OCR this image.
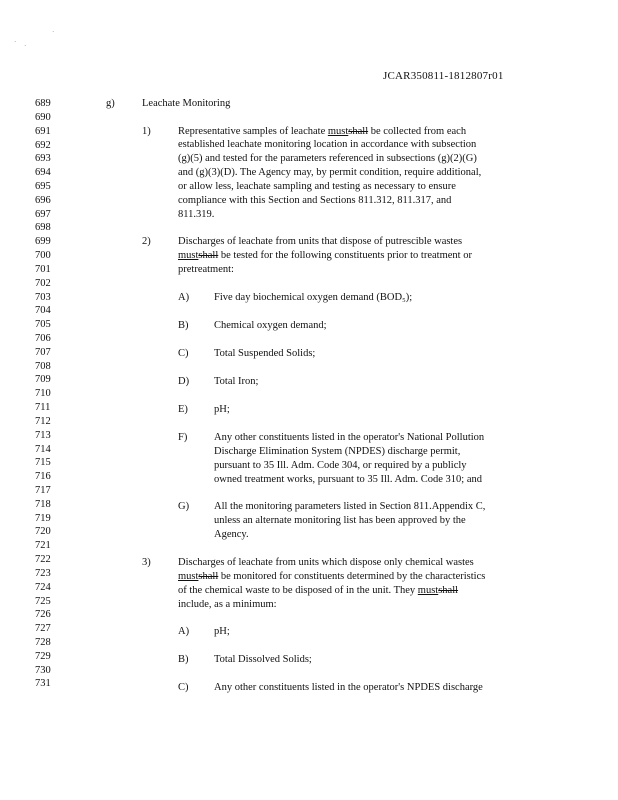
· ·
·
JCAR350811-1812807r01
689
690
691
692
693
694
695
696
697
698
699
700
701
702
703
704
705
706
707
708
709
710
711
712
713
714
715
716
717
718
719
720
721
722
723
724
725
726
727
728
729
730
731
g)	Leachate Monitoring
1)	Representative samples of leachate mustshall be collected from each
established leachate monitoring location in accordance with subsection
(g)(5) and tested for the parameters referenced in subsections (g)(2)(G)
and (g)(3)(D). The Agency may, by permit condition, require additional,
or allow less, leachate sampling and testing as necessary to ensure
compliance with this Section and Sections 811.312, 811.317, and
811.319.
2)	Discharges of leachate from units that dispose of putrescible wastes
mustshall be tested for the following constituents prior to treatment or
pretreatment:
A) Five day biochemical oxygen demand (BOD₅);
B) Chemical oxygen demand;
C) Total Suspended Solids;
D) Total Iron;
E) pH;
F)	Any other constituents listed in the operator's National Pollution
Discharge Elimination System (NPDES) discharge permit,
pursuant to 35 Ill. Adm. Code 304, or required by a publicly
owned treatment works, pursuant to 35 Ill. Adm. Code 310; and
G) All the monitoring parameters listed in Section 811.Appendix C,
unless an alternate monitoring list has been approved by the
Agency.
3)	Discharges of leachate from units which dispose only chemical wastes
mustshall be monitored for constituents determined by the characteristics
of the chemical waste to be disposed of in the unit. They mustshall
include, as a minimum:
A) pH;
B) Total Dissolved Solids;
C) Any other constituents listed in the operator's NPDES discharge
